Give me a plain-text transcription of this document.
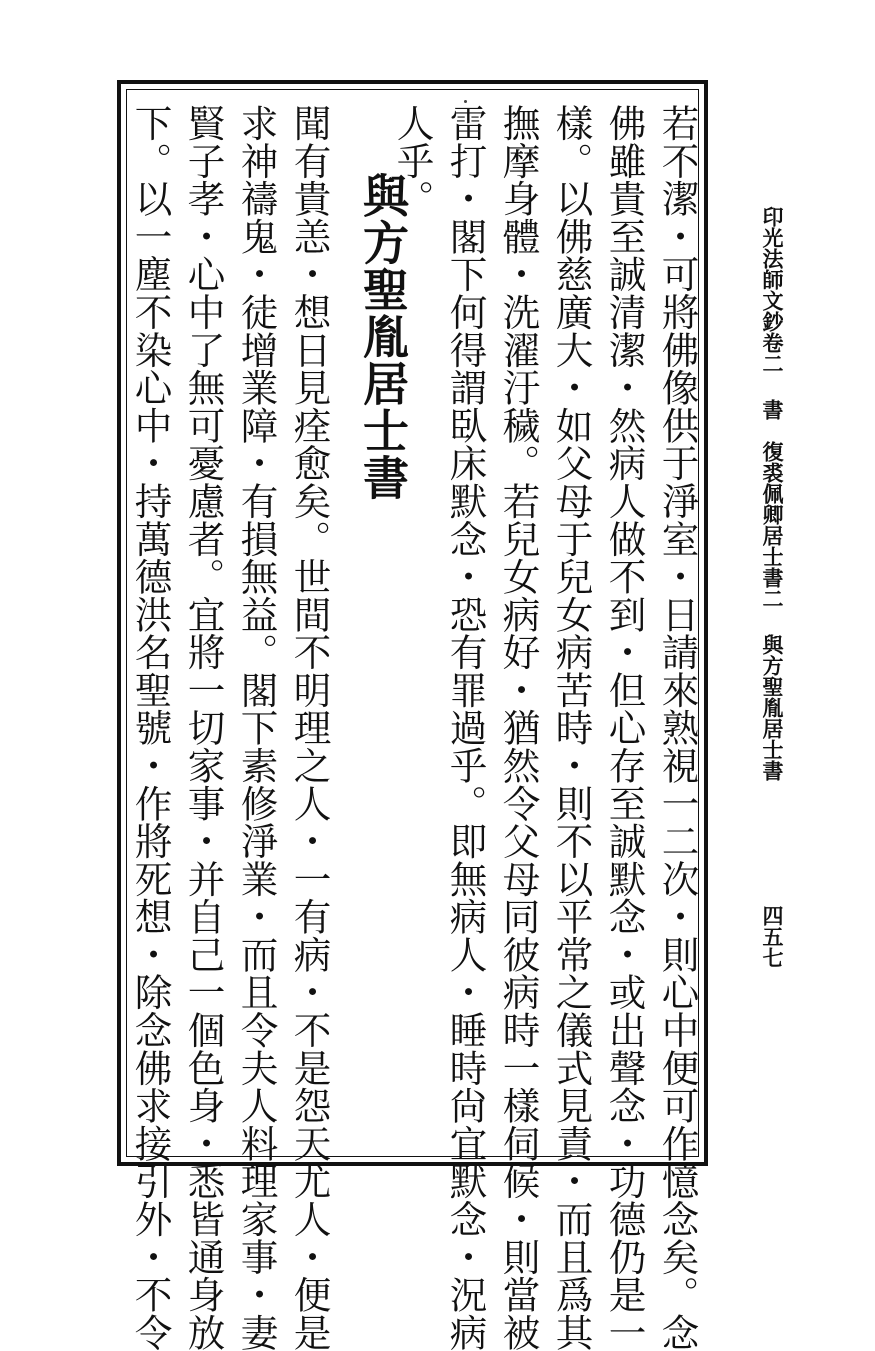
印光法師文鈔卷二 書　復裘佩卿居士書二 與方聖胤居士書
四五七
若不潔・可將佛像供于淨室・日請來熟視一二次・則心中便可作憶念矣。念
佛雖貴至誠清潔・然病人做不到・但心存至誠默念・或出聲念・功德仍是一
樣。以佛慈廣大・如父母于兒女病苦時・則不以平常之儀式見責・而且爲其
撫摩身體・洗濯汙穢。若兒女病好・猶然令父母同彼病時一樣伺候・則當被
雷打・閣下何得謂臥床默念・恐有罪過乎。即無病人・睡時尙宜默念・況病
人乎。
與方聖胤居士書
聞有貴恙・想日見痊愈矣。世間不明理之人・一有病・不是怨天尤人・便是
求神禱鬼・徒增業障・有損無益。閣下素修淨業・而且令夫人料理家事・妻
賢子孝・心中了無可憂慮者。宜將一切家事・并自己一個色身・悉皆通身放
下。以一塵不染心中・持萬德洪名聖號・作將死想・除念佛求接引外・不令
